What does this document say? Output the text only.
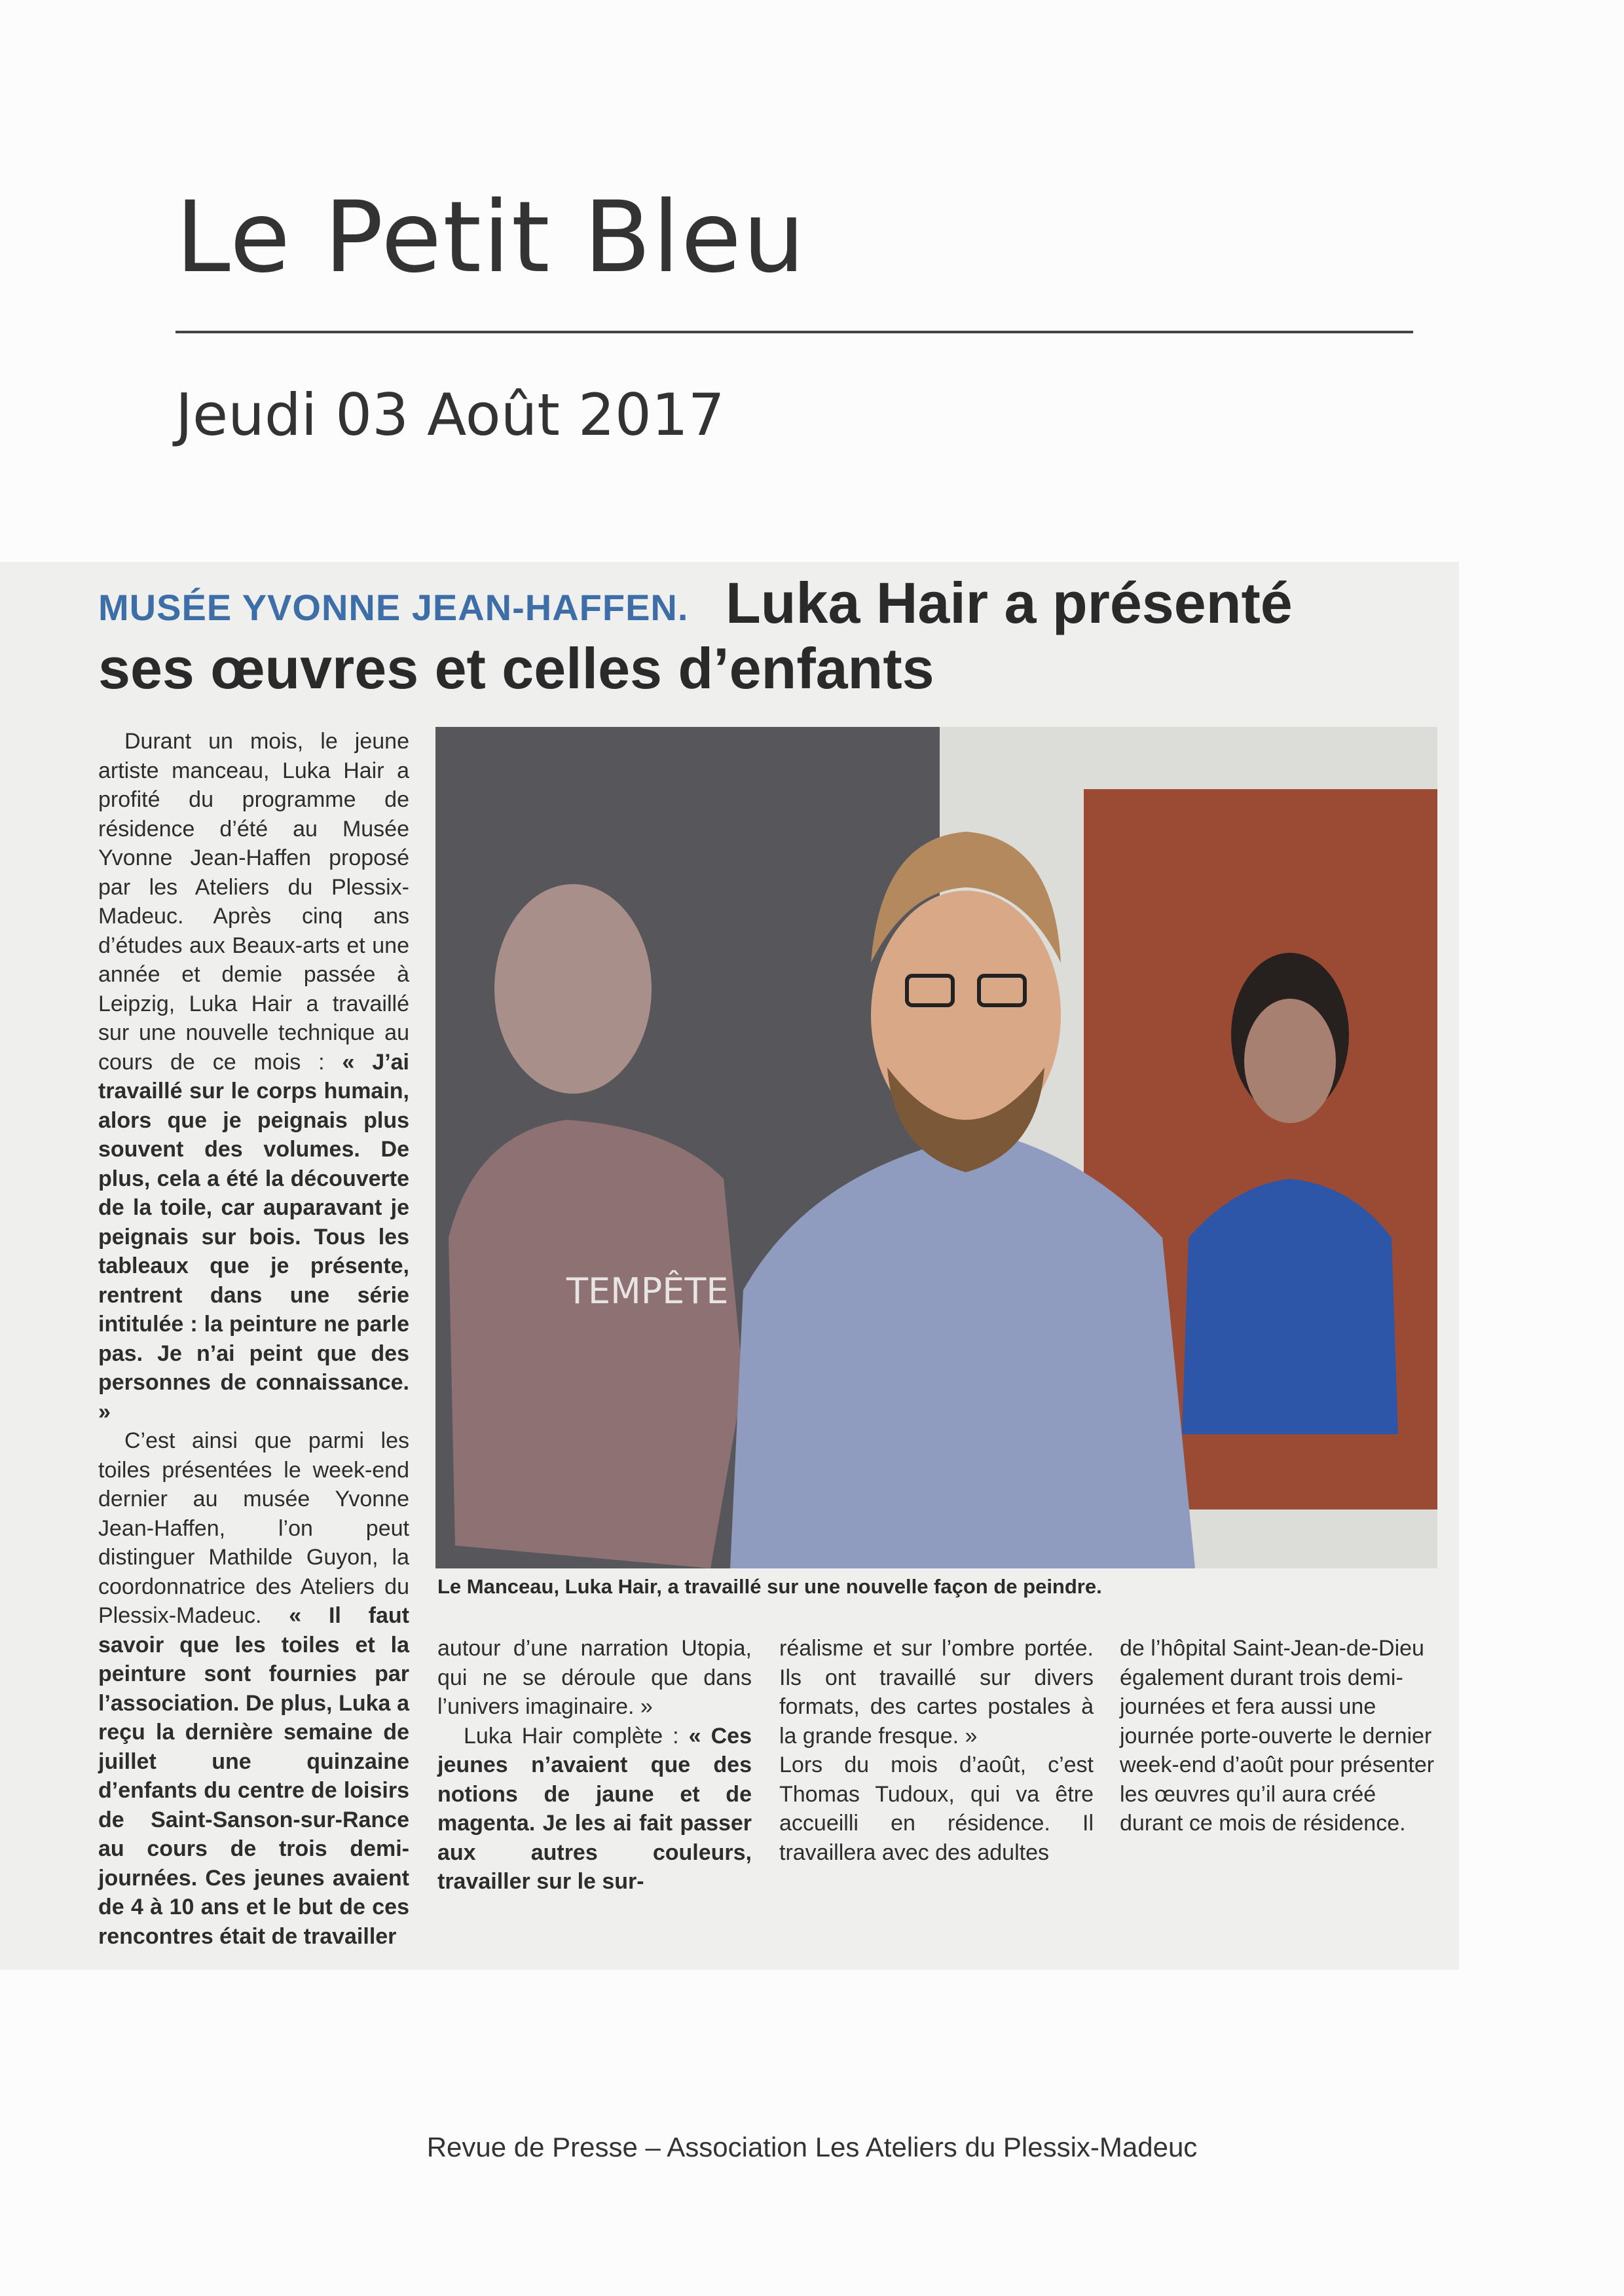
Le Petit Bleu
Jeudi 03 Août 2017
MUSÉE YVONNE JEAN-HAFFEN. Luka Hair a présenté
ses œuvres et celles d’enfants

Durant un mois, le jeune artiste manceau, Luka Hair a profité du programme de résidence d’été au Musée Yvonne Jean-Haffen proposé par les Ateliers du Plessix-Madeuc. Après cinq ans d’études aux Beaux-arts et une année et demie passée à Leipzig, Luka Hair a travaillé sur une nouvelle technique au cours de ce mois : « J’ai travaillé sur le corps humain, alors que je peignais plus souvent des volumes. De plus, cela a été la découverte de la toile, car auparavant je peignais sur bois. Tous les tableaux que je présente, rentrent dans une série intitulée : la peinture ne parle pas. Je n’ai peint que des personnes de connaissance. »

C’est ainsi que parmi les toiles présentées le week-end dernier au musée Yvonne Jean-Haffen, l’on peut distinguer Mathilde Guyon, la coordonnatrice des Ateliers du Plessix-Madeuc. « Il faut savoir que les toiles et la peinture sont fournies par l’association. De plus, Luka a reçu la dernière semaine de juillet une quinzaine d’enfants du centre de loisirs de Saint-Sanson-sur-Rance au cours de trois demi-journées. Ces jeunes avaient de 4 à 10 ans et le but de ces rencontres était de travailler

TEMPÊTE
Le Manceau, Luka Hair, a travaillé sur une nouvelle façon de peindre.

autour d’une narration Utopia, qui ne se déroule que dans l’univers imaginaire. »

Luka Hair complète : « Ces jeunes n’avaient que des notions de jaune et de magenta. Je les ai fait passer aux autres couleurs, travailler sur le sur-

réalisme et sur l’ombre portée. Ils ont travaillé sur divers formats, des cartes postales à la grande fresque. »

Lors du mois d’août, c’est Thomas Tudoux, qui va être accueilli en résidence. Il travaillera avec des adultes

de l’hôpital Saint-Jean-de-Dieu également durant trois demi-journées et fera aussi une journée porte-ouverte le dernier week-end d’août pour présenter les œuvres qu’il aura créé durant ce mois de résidence.

Revue de Presse – Association Les Ateliers du Plessix-Madeuc
